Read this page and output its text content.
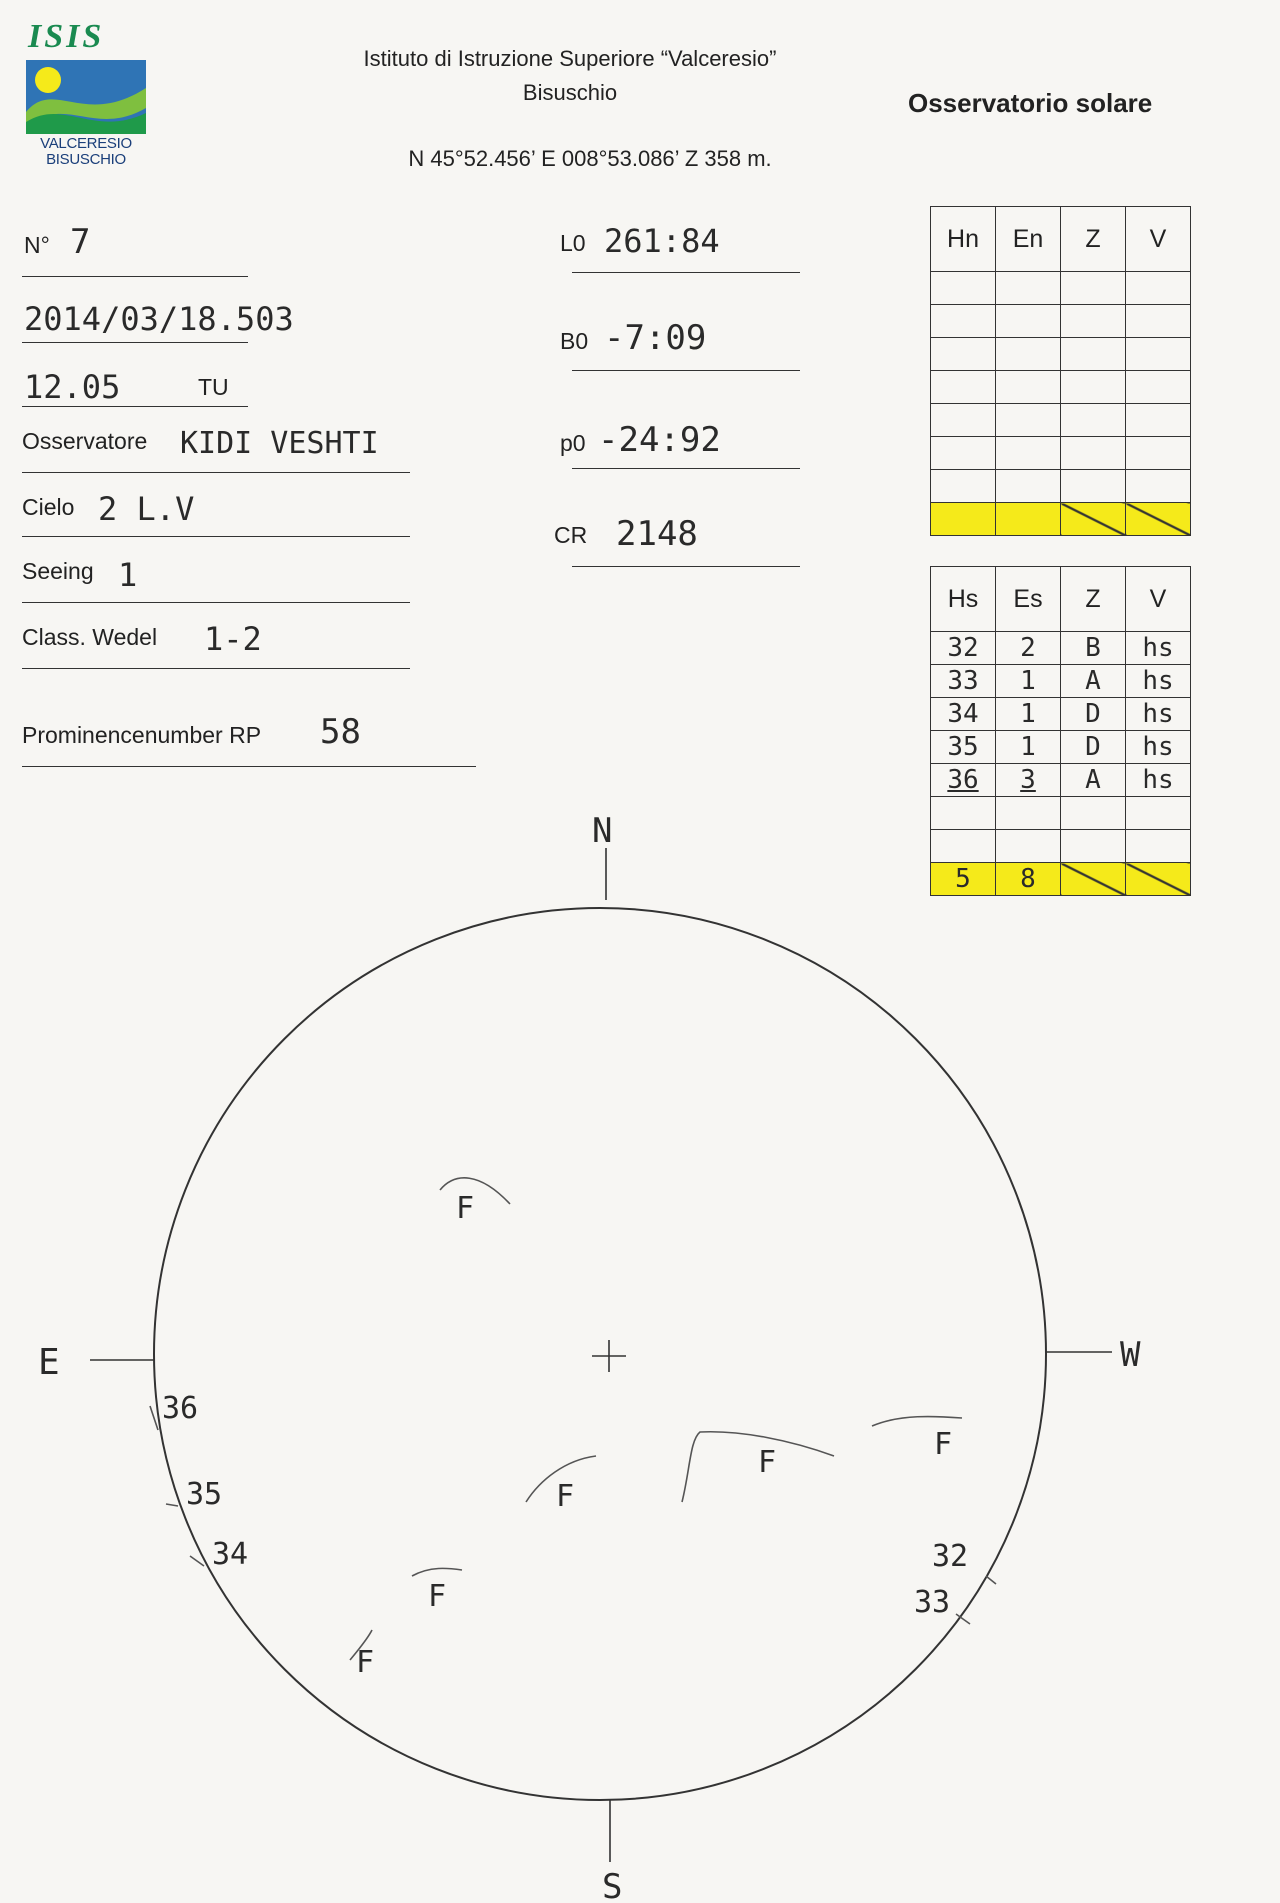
ISIS
VALCERESIO
BISUSCHIO
Istituto di Istruzione Superiore “Valceresio”
Bisuschio
N 45°52.456’ E 008°53.086’ Z 358 m.
Osservatorio solare
N° 7
2014/03/18.503
12.05	TU
Osservatore KIDI VESHTI
Cielo 2 L.V
Seeing 1
Class. Wedel 1-2
Prominencenumber RP 58
L0 261:84
B0 -7:09
p0 -24:92
CR 2148
Hn	En	Z	V

Hs	Es	Z	V
32	2	B	hs
33	1	A	hs
34	1	D	hs
35	1	D	hs
36	3	A	hs

5	8		
N
S
E	W
F
F
F
F
F
F
36
35
34	32
33
